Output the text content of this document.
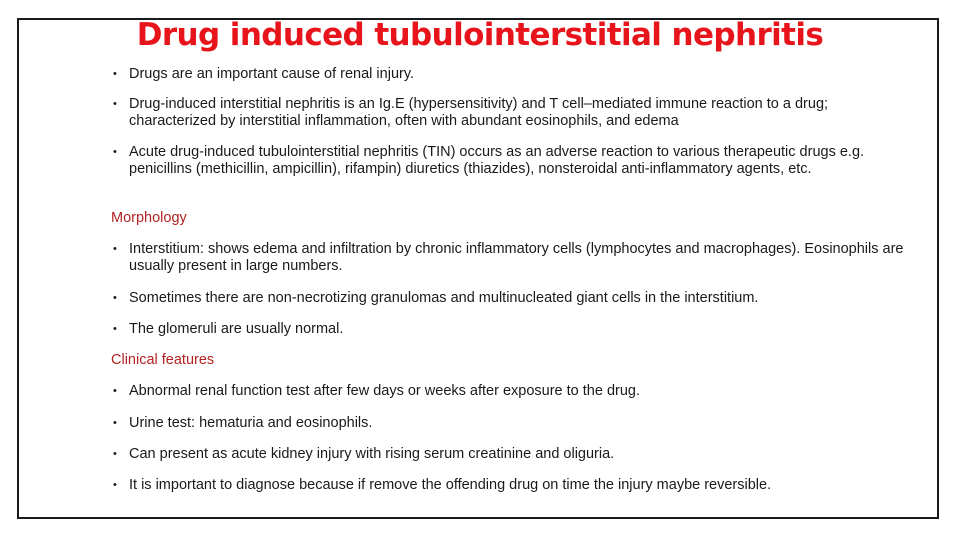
Drug induced tubulointerstitial nephritis
• Drugs are an important cause of renal injury.
• Drug-induced interstitial nephritis is an Ig.E (hypersensitivity) and T cell–mediated immune reaction to a drug; characterized by interstitial inflammation, often with abundant eosinophils, and edema
• Acute drug-induced tubulointerstitial nephritis (TIN) occurs as an adverse reaction to various therapeutic drugs e.g. penicillins (methicillin, ampicillin), rifampin) diuretics (thiazides), nonsteroidal anti-inflammatory agents, etc.
Morphology
• Interstitium: shows edema and infiltration by chronic inflammatory cells (lymphocytes and macrophages). Eosinophils are usually present in large numbers.
• Sometimes there are non-necrotizing granulomas and multinucleated giant cells in the interstitium.
• The glomeruli are usually normal.
Clinical features
• Abnormal renal function test after few days or weeks after exposure to the drug.
• Urine test: hematuria and eosinophils.
• Can present as acute kidney injury with rising serum creatinine and oliguria.
• It is important to diagnose because if remove the offending drug on time the injury maybe reversible.
